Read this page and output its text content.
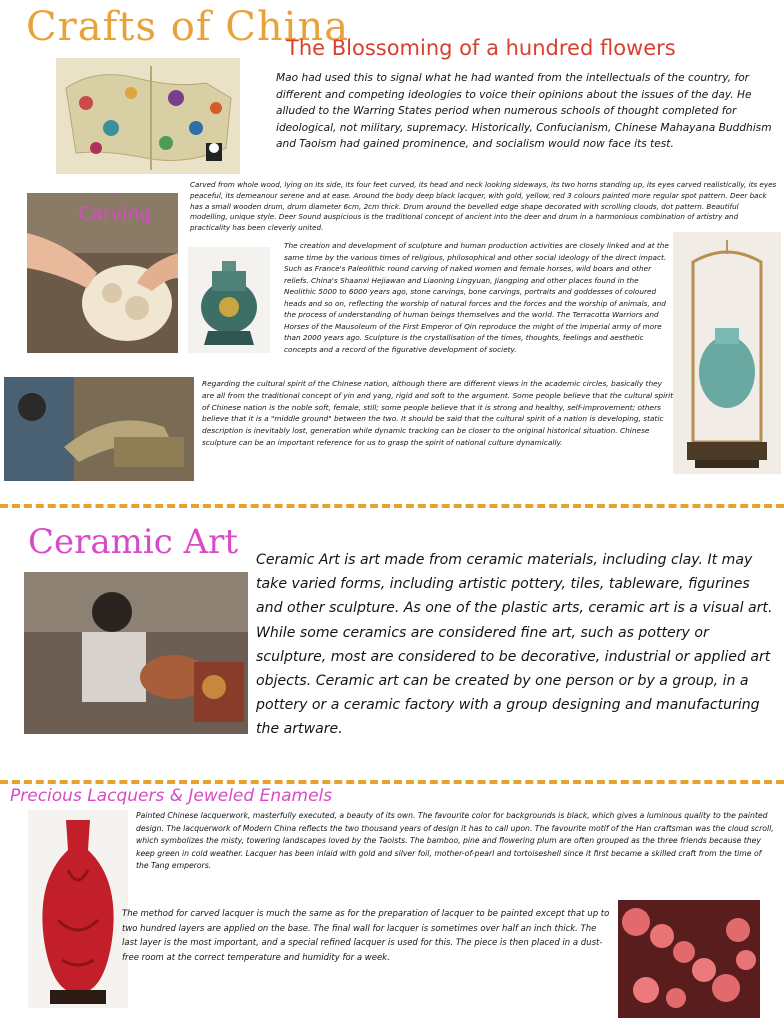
Crafts of China
The Blossoming of a hundred flowers

Mao had used this to signal what he had wanted from the intellectuals of the country, for different and competing ideologies to voice their opinions about the issues of the day. He alluded to the Warring States period when numerous schools of thought completed for ideological, not military, supremacy. Historically, Confucianism, Chinese Mahayana Buddhism and Taoism had gained prominence, and socialism would now face its test.

Carved from whole wood, lying on its side, its four feet curved, its head and neck looking sideways, its two horns standing up, its eyes carved realistically, its eyes peaceful, its demeanour serene and at ease. Around the body deep black lacquer, with gold, yellow, red 3 colours painted more regular spot pattern. Deer back has a small wooden drum, drum diameter 6cm, 2cm thick. Drum around the bevelled edge shape decorated with scrolling clouds, dot pattern. Beautiful modelling, unique style. Deer Sound auspicious is the traditional concept of ancient into the deer and drum in a harmonious combination of artistry and practicality has been cleverly united.

Carving

The creation and development of sculpture and human production activities are closely linked and at the same time by the various times of religious, philosophical and other social ideology of the direct impact. Such as France's Paleolithic round carving of naked women and female horses, wild boars and other reliefs. China's Shaanxi Hejiawan and Liaoning Lingyuan, Jiangping and other places found in the Neolithic 5000 to 6000 years ago, stone carvings, bone carvings, portraits and goddesses of coloured heads and so on, reflecting the worship of natural forces and the forces and the worship of animals, and the process of understanding of human beings themselves and the world. The Terracotta Warriors and Horses of the Mausoleum of the First Emperor of Qin reproduce the might of the imperial army of more than 2000 years ago. Sculpture is the crystallisation of the times, thoughts, feelings and aesthetic concepts and a record of the figurative development of society.

Regarding the cultural spirit of the Chinese nation, although there are different views in the academic circles, basically they are all from the traditional concept of yin and yang, rigid and soft to the argument. Some people believe that the cultural spirit of Chinese nation is the noble soft, female, still; some people believe that it is strong and healthy, self-improvement; others believe that it is a "middle ground" between the two. It should be said that the cultural spirit of a nation is developing, static description is inevitably lost, generation while dynamic tracking can be closer to the original historical situation. Chinese sculpture can be an important reference for us to grasp the spirit of national culture dynamically.

Ceramic Art Ceramic Art is art made from ceramic materials, including clay. It may take varied forms, including artistic pottery, tiles, tableware, figurines and other sculpture. As one of the plastic arts, ceramic art is a visual art. While some ceramics are considered fine art, such as pottery or sculpture, most are considered to be decorative, industrial or applied art objects. Ceramic art can be created by one person or by a group, in a pottery or a ceramic factory with a group designing and manufacturing the artware.

Precious Lacquers & Jeweled Enamels

Painted Chinese lacquerwork, masterfully executed, a beauty of its own. The favourite color for backgrounds is black, which gives a luminous quality to the painted design. The lacquerwork of Modern China reflects the two thousand years of design it has to call upon. The favourite motif of the Han craftsman was the cloud scroll, which symbolizes the misty, towering landscapes loved by the Taoists. The bamboo, pine and flowering plum are often grouped as the three friends because they keep green in cold weather. Lacquer has been inlaid with gold and silver foil, mother-of-pearl and tortoiseshell since it first became a skilled craft from the time of the Tang emperors.

The method for carved lacquer is much the same as for the preparation of lacquer to be painted except that up to two hundred layers are applied on the base. The final wall for lacquer is sometimes over half an inch thick. The last layer is the most important, and a special refined lacquer is used for this. The piece is then placed in a dust-free room at the correct temperature and humidity for a week.
